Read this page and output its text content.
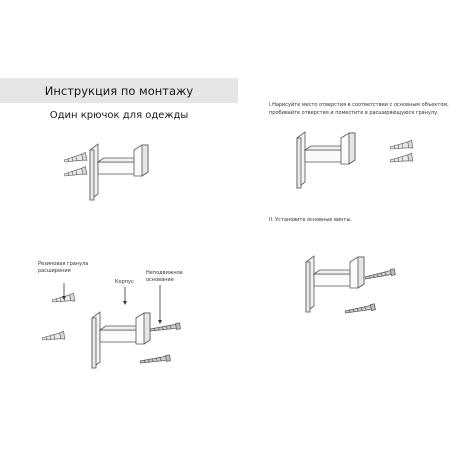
Инструкция по монтажу
Один крючок для одежды
I.Нарисуйте место отверстия в соответствии с основным объектом, пробивайте отверстия и поместите в расширяющуюся гранулу.
II. Установите основные винты.
Резиновая гранула расширения
Корпус
Неподвижное основание
